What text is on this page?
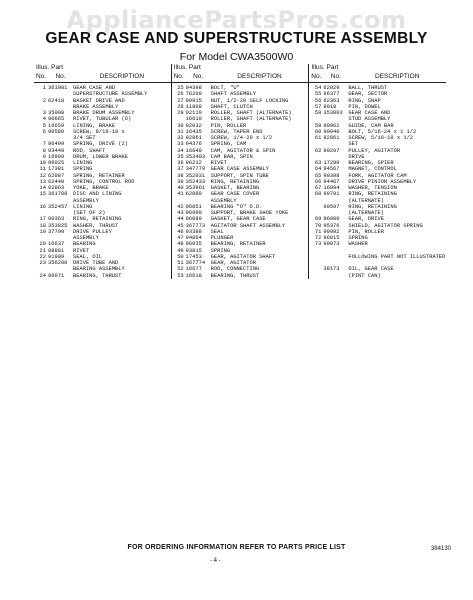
AppliancePartsPros.com
GEAR CASE AND SUPERSTRUCTURE ASSEMBLY
For Model CWA3500W0
Illus. Part
No.	No.	DESCRIPTION
1 361981	GEAR CASE AND
SUPERSTRUCTURE ASSEMBLY
2 62418	BASKET DRIVE AND
BRAKE ASSEMBLY
3 35008	BRAKE DRUM ASSEMBLY
4 90665	RIVET, TUBULAR (6)
5 16659	LINING, BRAKE
6 90580	SCREW, 8/16-18 x
3/4 SET
7 96409	SPRING, DRIVE (2)
8 93449	ROD, SHAFT
9 16909	DRUM, LOWER BRAKE
10 96025	LINING
11 17381	SPRING
12 62087	SPRING, RETAINER
13 62448	SPRING, CONTROL ROD
14 92963	YOKE, BRAKE
15 361708	DISC AND LINING
ASSEMBLY
16 352457	LINING
(SET OF 2)
17 90363	RING, RETAINING
18 353825	WASHER, THRUST
19 37700	DRIVE PULLEY
ASSEMBLY
20 16637	BEARING
21 98881	RIVET
22 91909	SEAL, OIL
23 356200	DRIVE TUBE AND
BEARING ASSEMBLY
24 96071	BEARING, THRUST
Illus. Part
No.	No.	DESCRIPTION
25 94398	BOLT, "U"
26 76200	SHAFT ASSEMBLY
27 90915	NUT, 1/2-20 SELF LOCKING
28 11809	SHAFT, CLUTCH
29 92119	ROLLER, SHAFT (ALTERNATE)
16610	ROLLER, SHAFT (ALTERNATE)
30 92032	PIN, ROLLER
31 16435	SCREW, TAPER END
32 92861	SCREW, 1/4-20 x 1/2
33 94376	SPRING, CAM
34 16640	CAM, AGITATOR & SPIN
35 353403	CAM BAR, SPIN
36 96212	RIVET
37 347779	GEAR CASE ASSEMBLY
38 352031	SUPPORT, SPIN TUBE
39 352433	RING, RETAINING
40 353961	GASKET, BEARING
41 62089	GEAR CASE COVER
ASSEMBLY
42 96851	BEARING "O" O.D.
43 96990	SUPPORT, BRAKE SHOE YOKE
44 96089	GASKET, GEAR CASE
45 367773	AGITATOR SHAFT ASSEMBLY
46 93388	SEAL
47 94864	PLUNGER
48 96035	BEARING, RETAINER
49 93815	SPRING
50 17453	GEAR, AGITATOR SHAFT
51 367774	GEAR, AGITATOR
52 16677	ROD, CONNECTING
53 16618	BEARING, THRUST
Illus. Part
No.	No.	DESCRIPTION
54 62029	BALL, THRUST
55 96377	GEAR, SECTOR
56 62363	RING, SNAP
57 9018	PIN, DOWEL
58 353803	GEAR CASE AND
STUD ASSEMBLY
59 90962	GUIDE, CAM BAR
60 90940	BOLT, 5/16-24 x 1 1/2
61 92861	SCREW, 5/16-18 x 1/2
SET
62 90297	PULLEY, AGITATOR
DRIVE
63 17290	BEARING, SPIER
64 94567	MAGNET, CONTROL
65 90398	FORK, AGITATOR CAM
66 94467	DRIVE PINION ASSEMBLY
67 16094	WASHER, TENSION
68 90791	RING, RETAINING
(ALTERNATE)
90597	RING, RETAINING
(ALTERNATE)
69 96080	GEAR, DRIVE
70 95376	SHIELD, AGITATOR SPRING
71 90992	PIN, ROLLER
72 96015	SPRING
73 90073	WASHER
FOLLOWING PART NOT ILLUSTRATED
38173	OIL, GEAR CASE
(PINT CAN)
FOR ORDERING INFORMATION REFER TO PARTS PRICE LIST	384130
- 4 -
